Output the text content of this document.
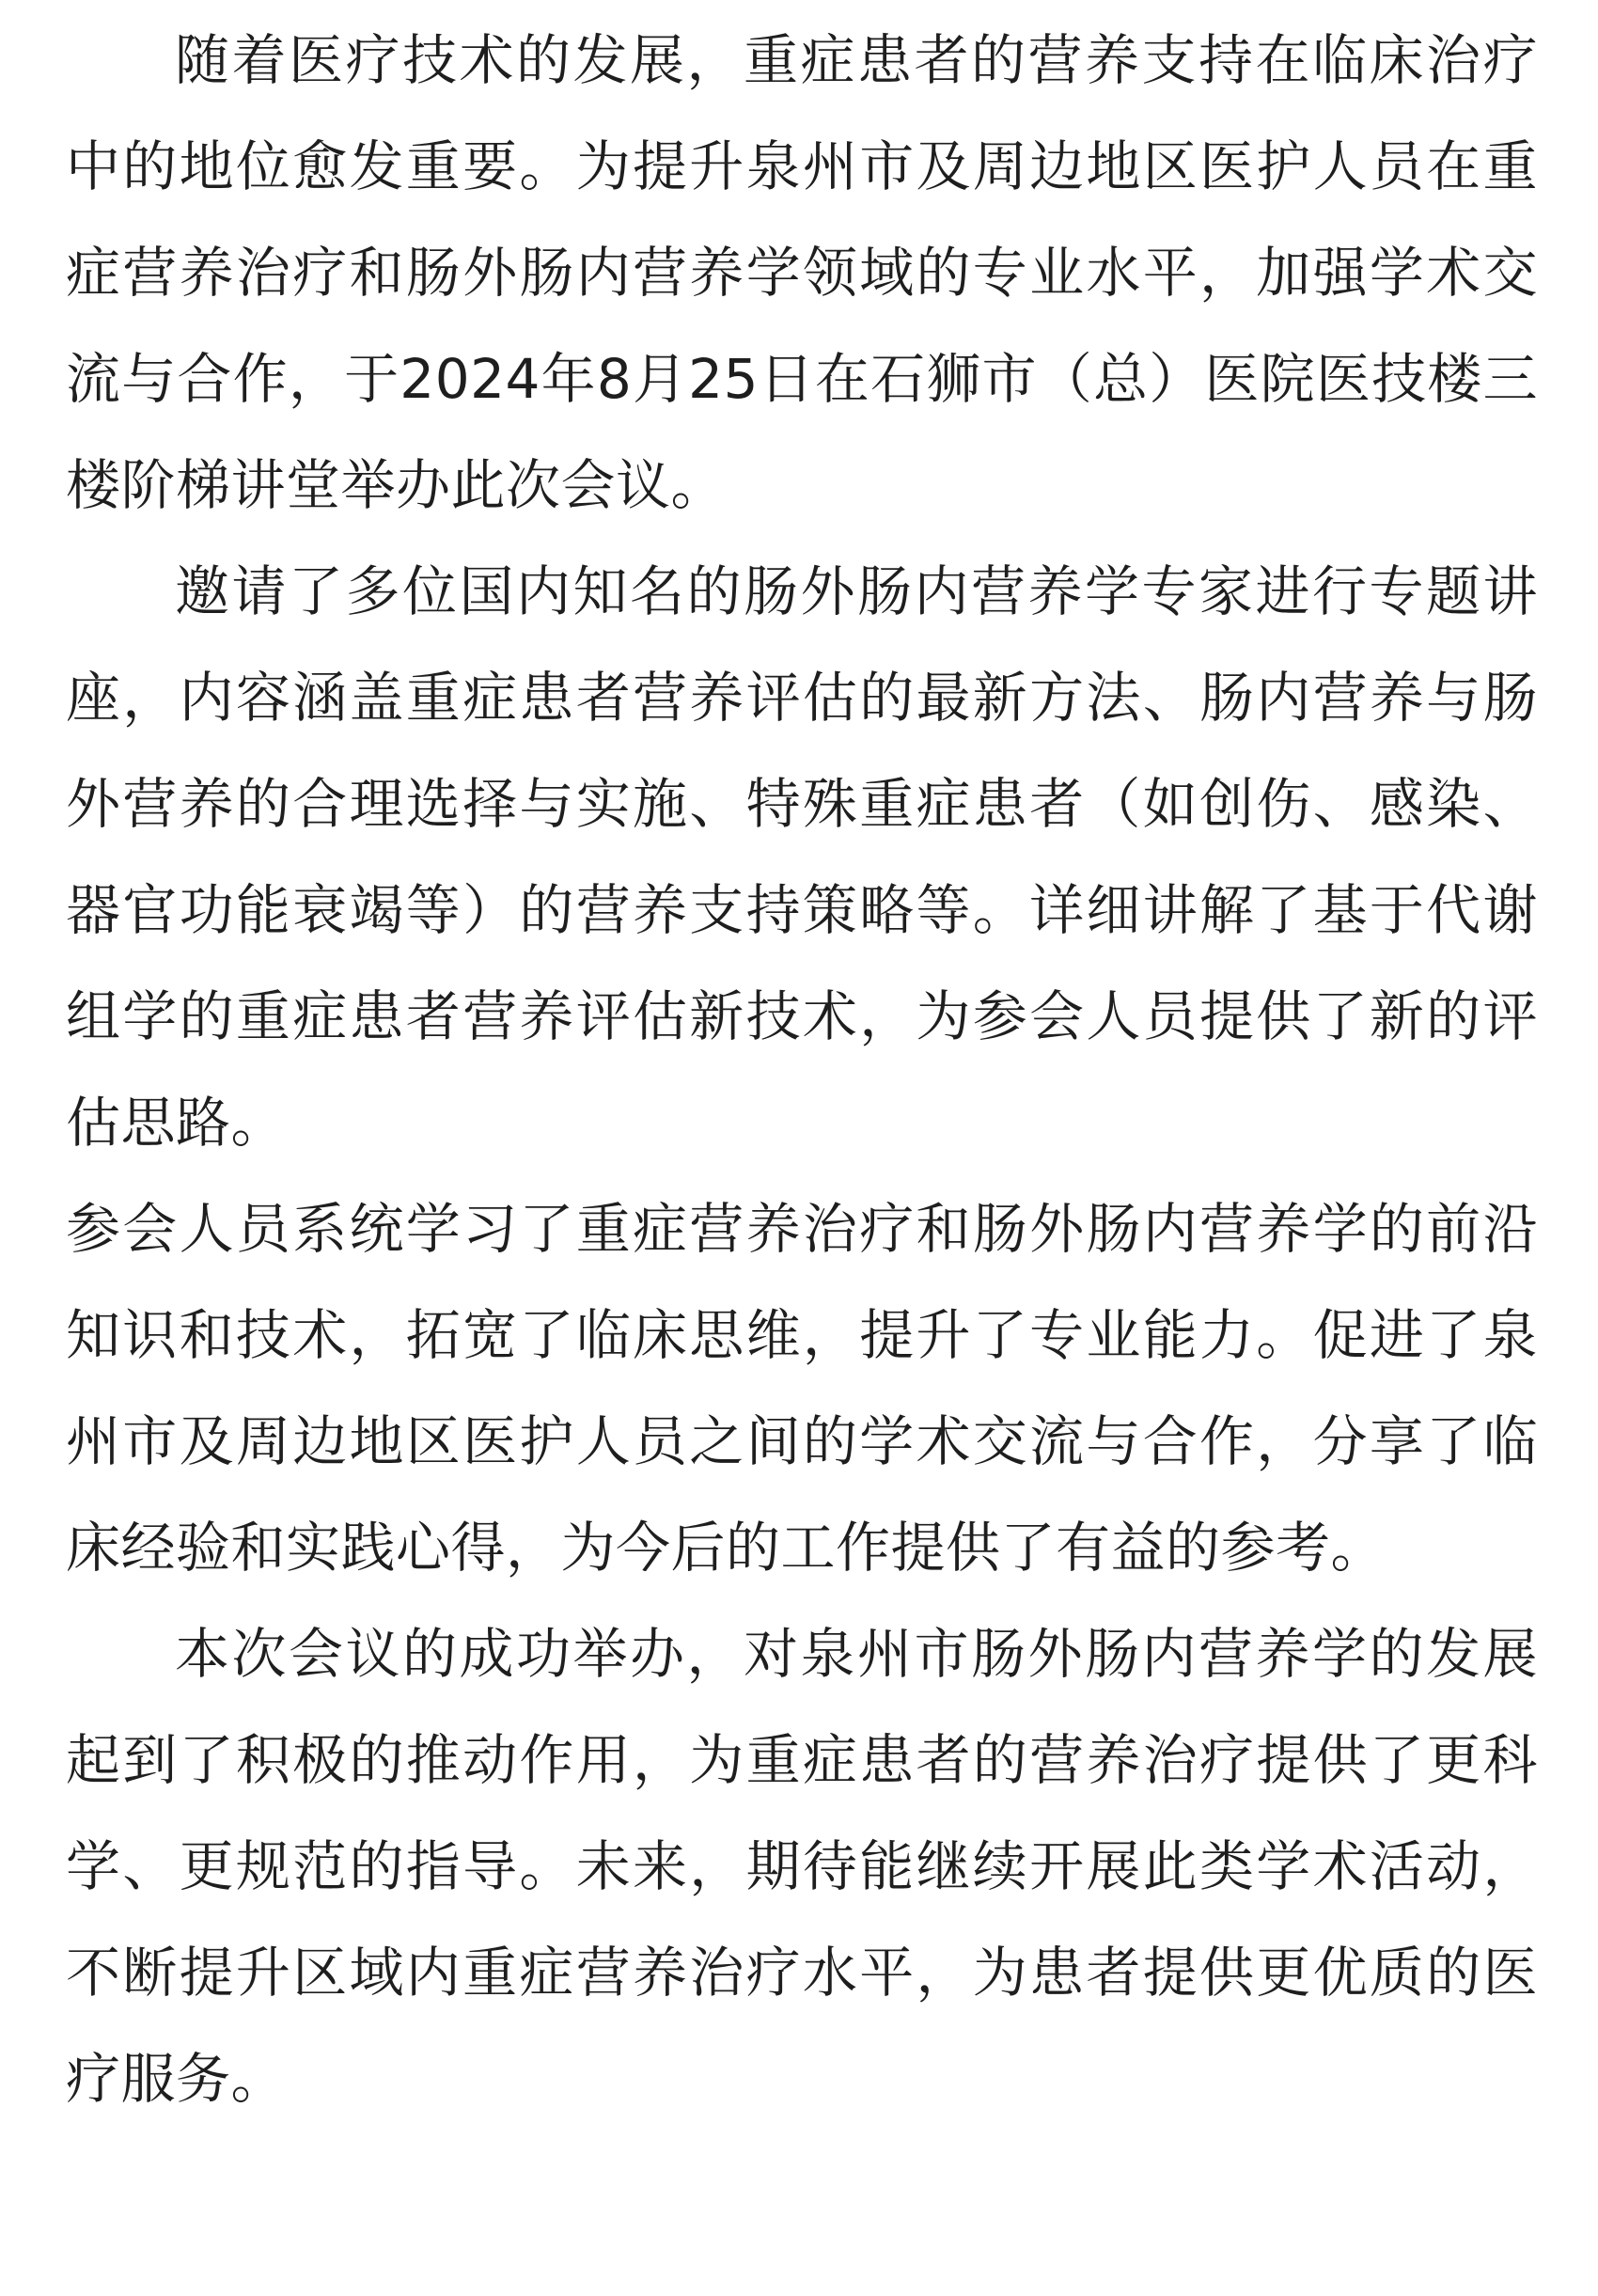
随着医疗技术的发展，重症患者的营养支持在临床治疗中的地位愈发重要。为提升泉州市及周边地区医护人员在重症营养治疗和肠外肠内营养学领域的专业水平，加强学术交流与合作，于2024年8月25日在石狮市（总）医院医技楼三楼阶梯讲堂举办此次会议。

邀请了多位国内知名的肠外肠内营养学专家进行专题讲座，内容涵盖重症患者营养评估的最新方法、肠内营养与肠外营养的合理选择与实施、特殊重症患者（如创伤、感染、器官功能衰竭等）的营养支持策略等。详细讲解了基于代谢组学的重症患者营养评估新技术，为参会人员提供了新的评估思路。

参会人员系统学习了重症营养治疗和肠外肠内营养学的前沿知识和技术，拓宽了临床思维，提升了专业能力。促进了泉州市及周边地区医护人员之间的学术交流与合作，分享了临床经验和实践心得，为今后的工作提供了有益的参考。

本次会议的成功举办，对泉州市肠外肠内营养学的发展起到了积极的推动作用，为重症患者的营养治疗提供了更科学、更规范的指导。未来，期待能继续开展此类学术活动，不断提升区域内重症营养治疗水平，为患者提供更优质的医疗服务。
